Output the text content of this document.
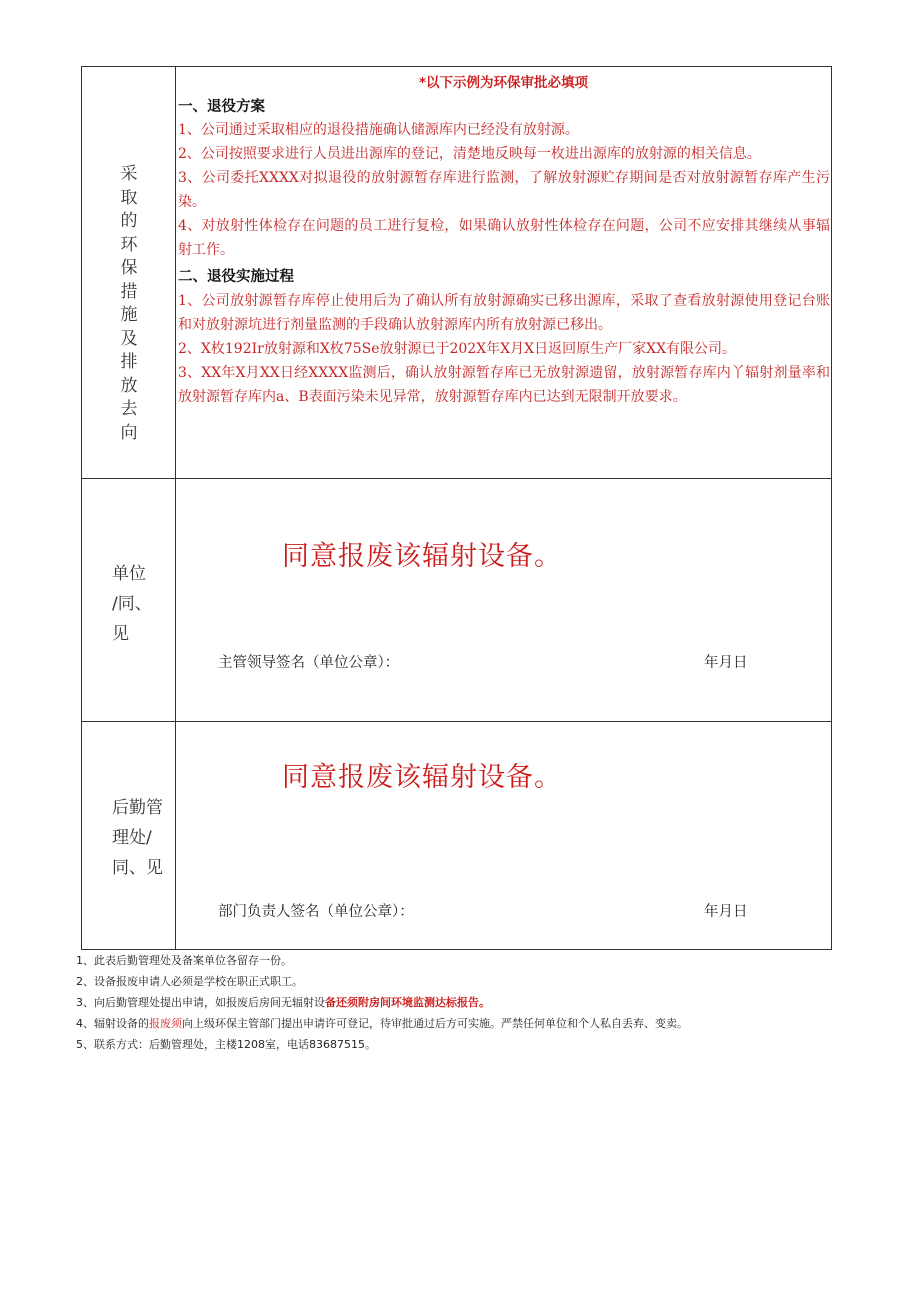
采
取
的
环
保
措
施
及
排
放
去
向
*以下示例为环保审批必填项
一、退役方案
1、公司通过采取相应的退役措施确认储源库内已经没有放射源。
2、公司按照要求进行人员进出源库的登记，清楚地反映每一枚进出源库的放射源的相关信息。
3、公司委托XXXX对拟退役的放射源暂存库进行监测，了解放射源贮存期间是否对放射源暂存库产生污染。
4、对放射性体检存在问题的员工进行复检，如果确认放射性体检存在问题，公司不应安排其继续从事辐射工作。
二、退役实施过程
1、公司放射源暂存库停止使用后为了确认所有放射源确实已移出源库，采取了查看放射源使用登记台账和对放射源坑进行剂量监测的手段确认放射源库内所有放射源已移出。
2、X枚192Ir放射源和X枚75Se放射源已于202X年X月X日返回原生产厂家XX有限公司。
3、XX年X月XX日经XXXX监测后，确认放射源暂存库已无放射源遗留，放射源暂存库内丫辐射剂量率和放射源暂存库内a、B表面污染未见异常，放射源暂存库内已达到无限制开放要求。
单位
/同、
见
同意报废该辐射设备。
主管领导签名（单位公章）：	年月日
后勤管
理处/
同、见
同意报废该辐射设备。
部门负责人签名（单位公章）：	年月日
1、此表后勤管理处及备案单位各留存一份。
2、设备报废申请人必须是学校在职正式职工。
3、向后勤管理处提出申请，如报废后房间无辐射设备还须附房间环境监测达标报告。
4、辐射设备的报废须向上级环保主管部门提出申请许可登记，待审批通过后方可实施。严禁任何单位和个人私自丢弃、变卖。
5、联系方式：后勤管理处，主楼1208室，电话83687515。
